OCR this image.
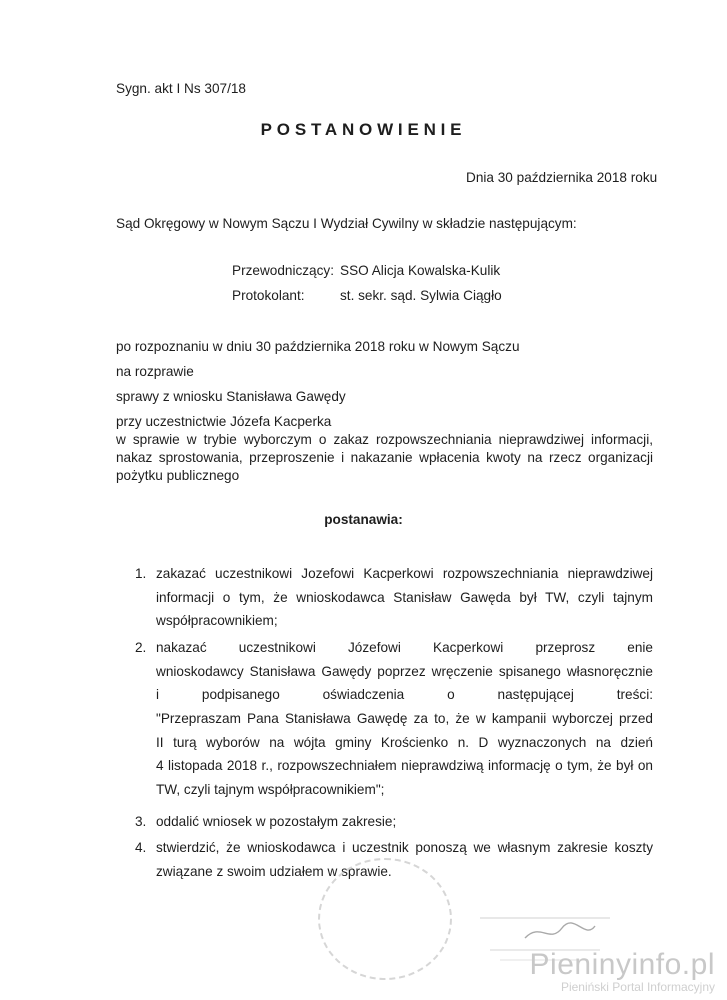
Sygn. akt I Ns 307/18
POSTANOWIENIE
Dnia 30 października 2018 roku
Sąd Okręgowy w Nowym Sączu I Wydział Cywilny w składzie następującym:
Przewodniczący: SSO Alicja Kowalska-Kulik
Protokolant:	st. sekr. sąd. Sylwia Ciągło
po rozpoznaniu w dniu 30 października 2018 roku w Nowym Sączu
na rozprawie
sprawy z wniosku Stanisława Gawędy
przy uczestnictwie Józefa Kacperka
w sprawie w trybie wyborczym o zakaz rozpowszechniania nieprawdziwej informacji,
nakaz sprostowania, przeproszenie i nakazanie wpłacenia kwoty na rzecz organizacji
pożytku publicznego
postanawia:
1. zakazać uczestnikowi Jozefowi Kacperkowi rozpowszechniania nieprawdziwej
informacji o tym, że wnioskodawca Stanisław Gawęda był TW, czyli tajnym
współpracownikiem;
2. nakazać uczestnikowi Józefowi Kacperkowi przeprosz enie
wnioskodawcy Stanisława Gawędy poprzez wręczenie spisanego własnoręcznie
i podpisanego oświadczenia o następującej treści:
"Przepraszam Pana Stanisława Gawędę za to, że w kampanii wyborczej przed
II turą wyborów na wójta gminy Krościenko n. D wyznaczonych na dzień
4 listopada 2018 r., rozpowszechniałem nieprawdziwą informację o tym, że był on
TW, czyli tajnym współpracownikiem";
3. oddalić wniosek w pozostałym zakresie;
4. stwierdzić, że wnioskodawca i uczestnik ponoszą we własnym zakresie koszty
związane z swoim udziałem w sprawie.
Pieninyinfo.pl
Pieniński Portal Informacyjny
